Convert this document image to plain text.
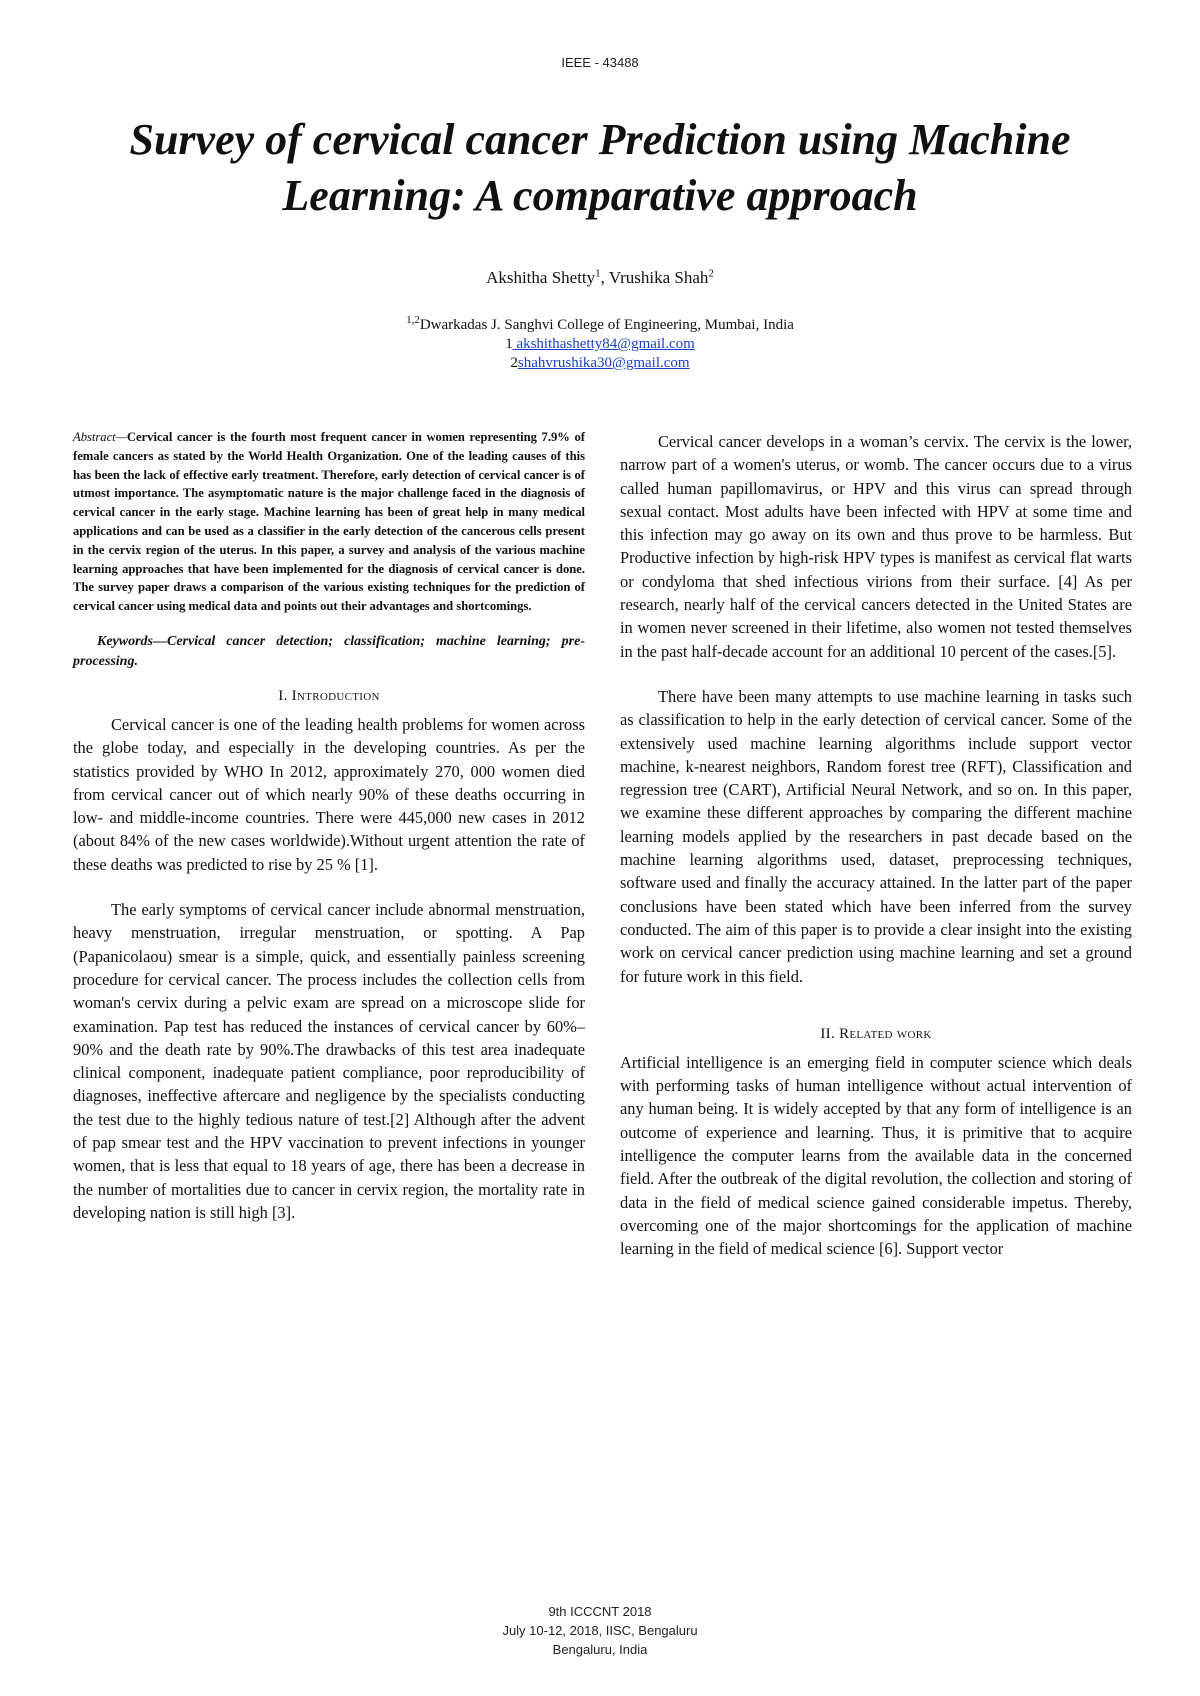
IEEE - 43488
Survey of cervical cancer Prediction using Machine Learning: A comparative approach
Akshitha Shetty$^1$, Vrushika Shah$^2$
$^{1,2}$Dwarkadas J. Sanghvi College of Engineering, Mumbai, India
1 akshithashetty84@gmail.com
2shahvrushika30@gmail.com

Abstract—Cervical cancer is the fourth most frequent cancer in women representing 7.9% of female cancers as stated by the World Health Organization. One of the leading causes of this has been the lack of effective early treatment. Therefore, early detection of cervical cancer is of utmost importance. The asymptomatic nature is the major challenge faced in the diagnosis of cervical cancer in the early stage. Machine learning has been of great help in many medical applications and can be used as a classifier in the early detection of the cancerous cells present in the cervix region of the uterus. In this paper, a survey and analysis of the various machine learning approaches that have been implemented for the diagnosis of cervical cancer is done. The survey paper draws a comparison of the various existing techniques for the prediction of cervical cancer using medical data and points out their advantages and shortcomings.

Keywords—Cervical cancer detection; classification; machine learning; pre-processing.

I. Introduction

Cervical cancer is one of the leading health problems for women across the globe today, and especially in the developing countries. As per the statistics provided by WHO In 2012, approximately 270, 000 women died from cervical cancer out of which nearly 90% of these deaths occurring in low- and middle-income countries. There were 445,000 new cases in 2012 (about 84% of the new cases worldwide).Without urgent attention the rate of these deaths was predicted to rise by 25 % [1].

The early symptoms of cervical cancer include abnormal menstruation, heavy menstruation, irregular menstruation, or spotting. A Pap (Papanicolaou) smear is a simple, quick, and essentially painless screening procedure for cervical cancer. The process includes the collection cells from woman's cervix during a pelvic exam are spread on a microscope slide for examination. Pap test has reduced the instances of cervical cancer by 60%–90% and the death rate by 90%.The drawbacks of this test area inadequate clinical component, inadequate patient compliance, poor reproducibility of diagnoses, ineffective aftercare and negligence by the specialists conducting the test due to the highly tedious nature of test.[2] Although after the advent of pap smear test and the HPV vaccination to prevent infections in younger women, that is less that equal to 18 years of age, there has been a decrease in the number of mortalities due to cancer in cervix region, the mortality rate in developing nation is still high [3].

Cervical cancer develops in a woman’s cervix. The cervix is the lower, narrow part of a women's uterus, or womb. The cancer occurs due to a virus called human papillomavirus, or HPV and this virus can spread through sexual contact. Most adults have been infected with HPV at some time and this infection may go away on its own and thus prove to be harmless. But Productive infection by high-risk HPV types is manifest as cervical flat warts or condyloma that shed infectious virions from their surface. [4] As per research, nearly half of the cervical cancers detected in the United States are in women never screened in their lifetime, also women not tested themselves in the past half-decade account for an additional 10 percent of the cases.[5].

There have been many attempts to use machine learning in tasks such as classification to help in the early detection of cervical cancer. Some of the extensively used machine learning algorithms include support vector machine, k-nearest neighbors, Random forest tree (RFT), Classification and regression tree (CART), Artificial Neural Network, and so on. In this paper, we examine these different approaches by comparing the different machine learning models applied by the researchers in past decade based on the machine learning algorithms used, dataset, preprocessing techniques, software used and finally the accuracy attained. In the latter part of the paper conclusions have been stated which have been inferred from the survey conducted. The aim of this paper is to provide a clear insight into the existing work on cervical cancer prediction using machine learning and set a ground for future work in this field.

II. Related work

Artificial intelligence is an emerging field in computer science which deals with performing tasks of human intelligence without actual intervention of any human being. It is widely accepted by that any form of intelligence is an outcome of experience and learning. Thus, it is primitive that to acquire intelligence the computer learns from the available data in the concerned field. After the outbreak of the digital revolution, the collection and storing of data in the field of medical science gained considerable impetus. Thereby, overcoming one of the major shortcomings for the application of machine learning in the field of medical science [6]. Support vector

9th ICCCNT 2018
July 10-12, 2018, IISC, Bengaluru
Bengaluru, India
